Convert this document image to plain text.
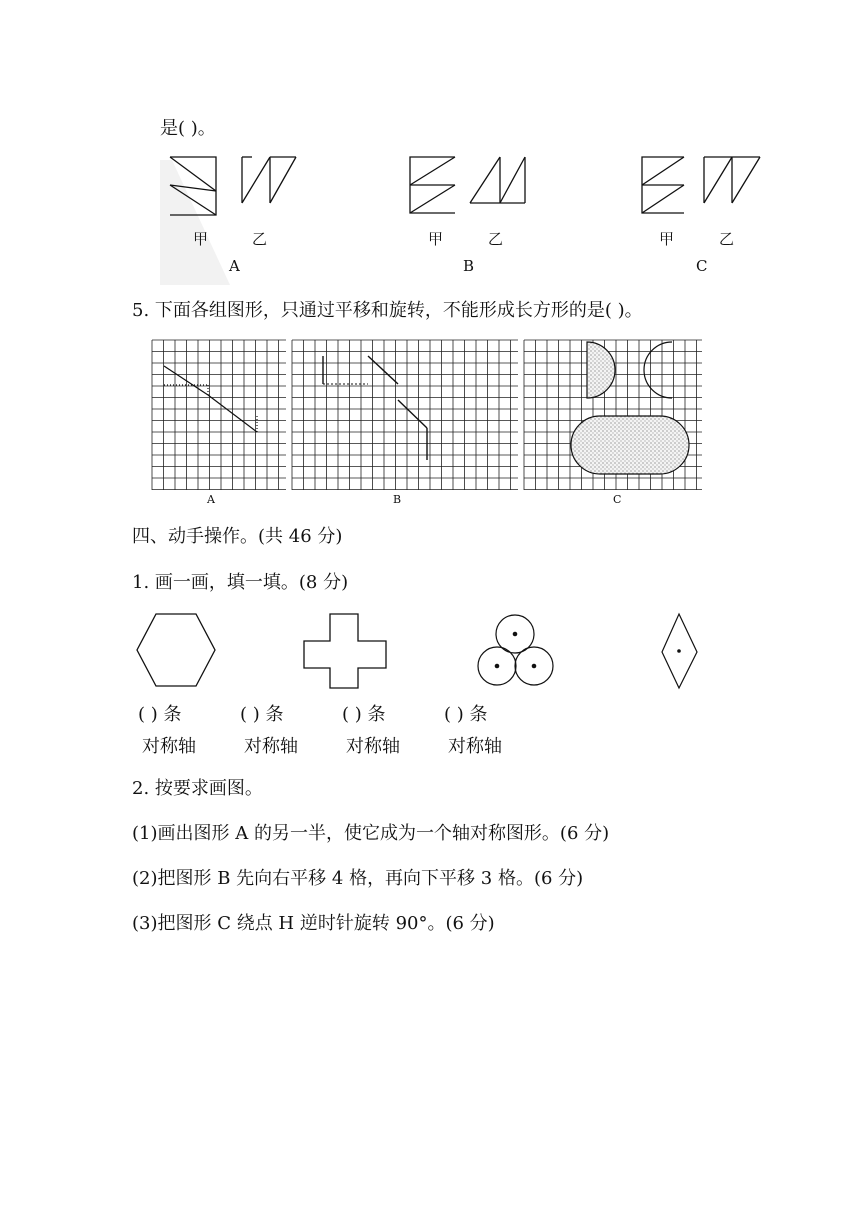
是( )。
甲	乙
A
甲	乙
B
甲	乙
C
5. 下面各组图形，只通过平移和旋转，不能形成长方形的是( )。
A	B	C
四、动手操作。(共 46 分)
1. 画一画，填一填。(8 分)
( ) 条	( ) 条	( ) 条	( ) 条
对称轴	对称轴	对称轴	对称轴
2. 按要求画图。
(1)画出图形 A 的另一半，使它成为一个轴对称图形。(6 分)
(2)把图形 B 先向右平移 4 格，再向下平移 3 格。(6 分)
(3)把图形 C 绕点 H 逆时针旋转 90°。(6 分)
